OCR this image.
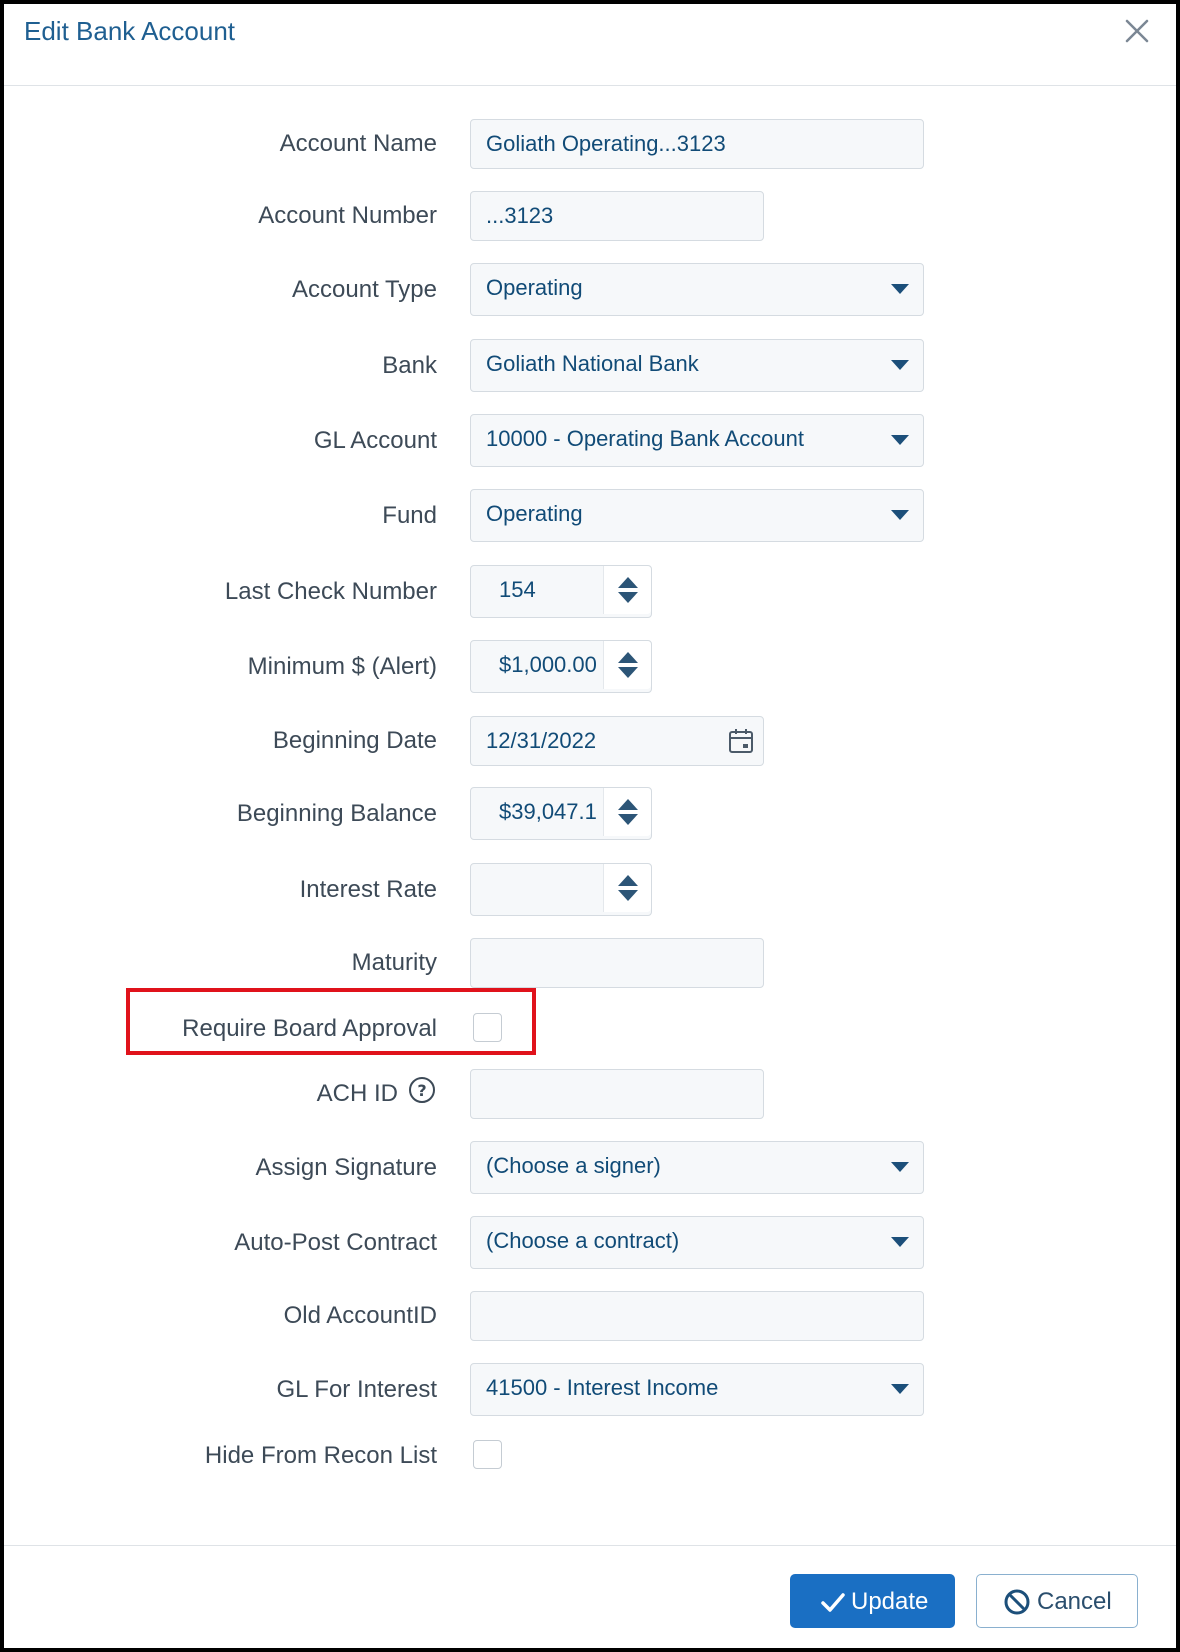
Edit Bank Account
Account Name Goliath Operating...3123
Account Number ...3123
Account Type Operating
Bank Goliath National Bank
GL Account 10000 - Operating Bank Account
Fund Operating
Last Check Number	154
Minimum $ (Alert)	$1,000.00
Beginning Date 12/31/2022
Beginning Balance	$39,047.1
Interest Rate
Maturity
Require Board Approval
ACH ID ?
Assign Signature (Choose a signer)
Auto-Post Contract (Choose a contract)
Old AccountID
GL For Interest 41500 - Interest Income
Hide From Recon List
Update	Cancel
